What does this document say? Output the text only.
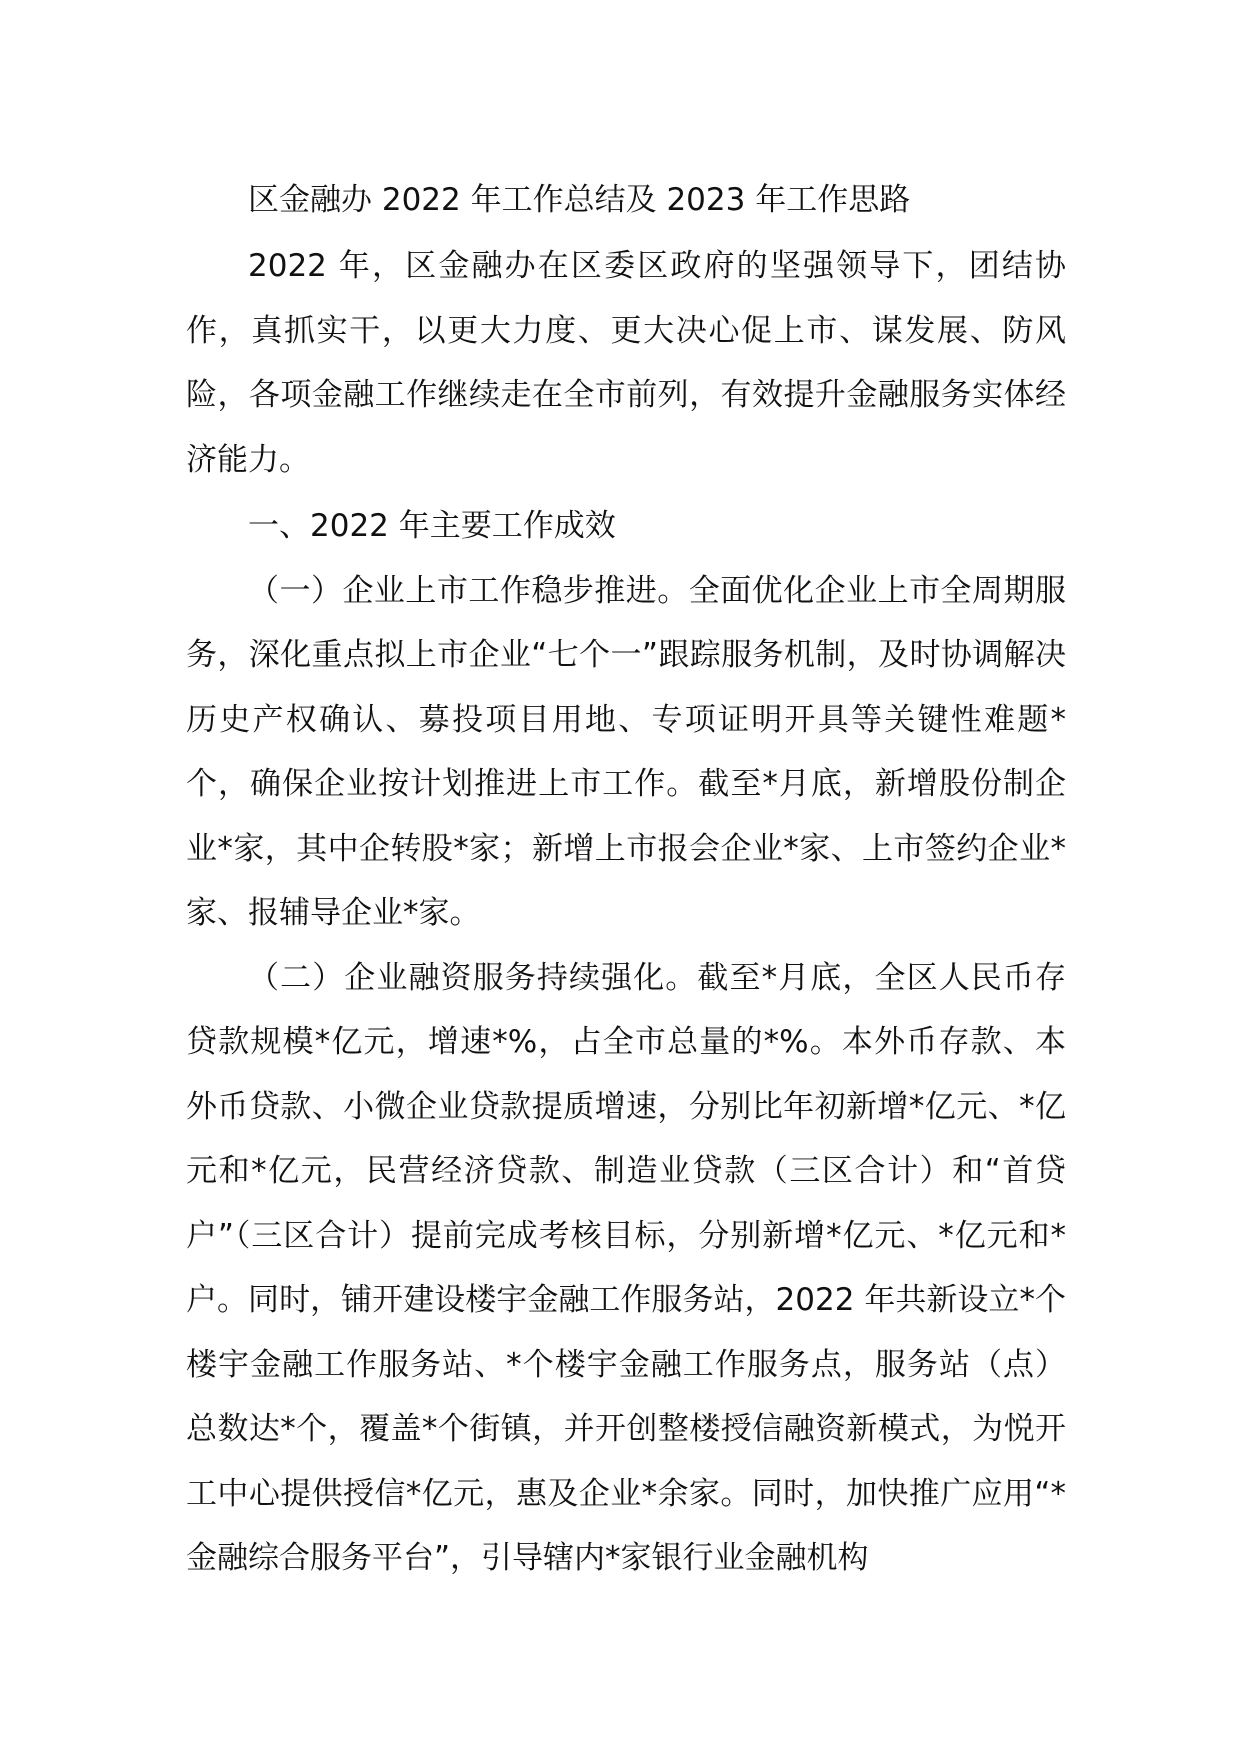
区金融办 2022 年工作总结及 2023 年工作思路

2022 年，区金融办在区委区政府的坚强领导下，团结协作，真抓实干，以更大力度、更大决心促上市、谋发展、防风险，各项金融工作继续走在全市前列，有效提升金融服务实体经济能力。

一、2022 年主要工作成效

（一）企业上市工作稳步推进。全面优化企业上市全周期服务，深化重点拟上市企业“七个一”跟踪服务机制，及时协调解决历史产权确认、募投项目用地、专项证明开具等关键性难题*个，确保企业按计划推进上市工作。截至*月底，新增股份制企业*家，其中企转股*家；新增上市报会企业*家、上市签约企业*家、报辅导企业*家。

（二）企业融资服务持续强化。截至*月底，全区人民币存贷款规模*亿元，增速*%，占全市总量的*%。本外币存款、本外币贷款、小微企业贷款提质增速，分别比年初新增*亿元、*亿元和*亿元，民营经济贷款、制造业贷款（三区合计）和“首贷户”（三区合计）提前完成考核目标，分别新增*亿元、*亿元和*户。同时，铺开建设楼宇金融工作服务站，2022 年共新设立*个楼宇金融工作服务站、*个楼宇金融工作服务点，服务站（点）总数达*个，覆盖*个街镇，并开创整楼授信融资新模式，为悦开工中心提供授信*亿元，惠及企业*余家。同时，加快推广应用“*金融综合服务平台”，引导辖内*家银行业金融机构
